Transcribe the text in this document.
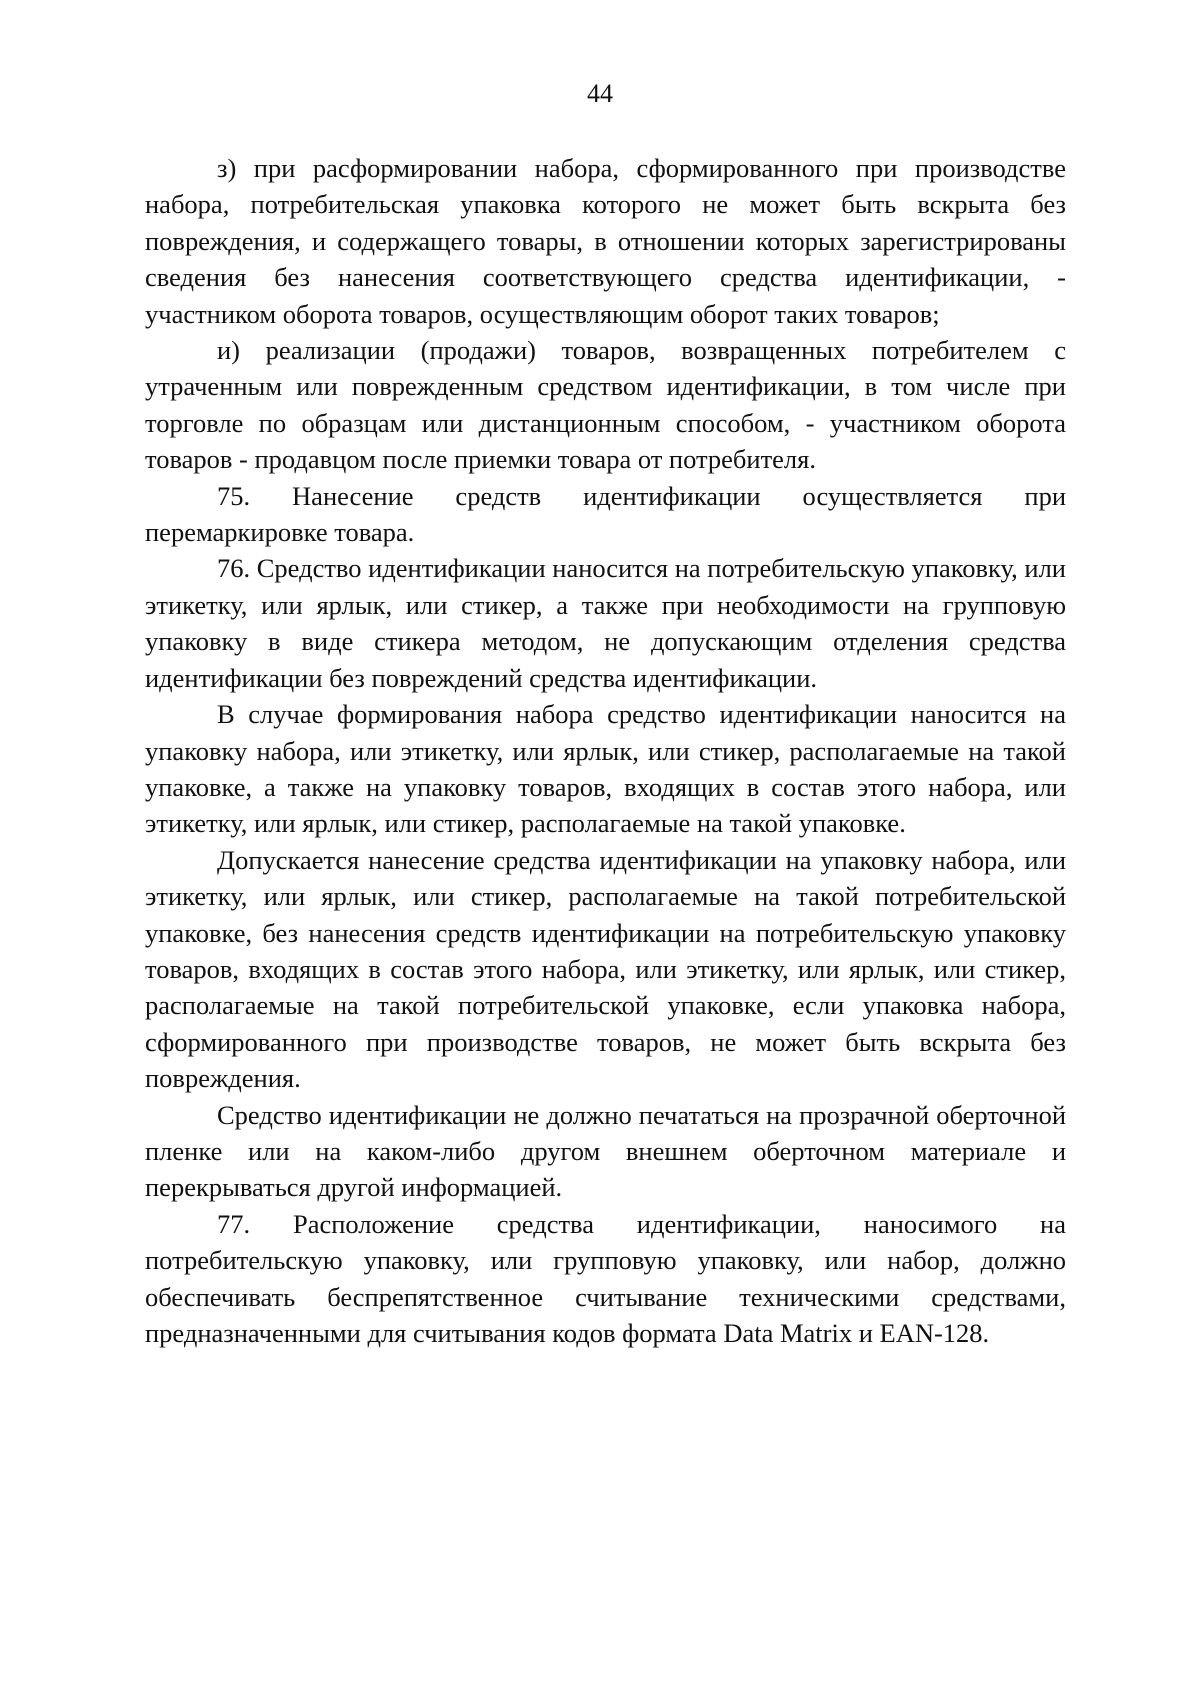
44

з) при расформировании набора, сформированного при производстве набора, потребительская упаковка которого не может быть вскрыта без повреждения, и содержащего товары, в отношении которых зарегистрированы сведения без нанесения соответствующего средства идентификации, - участником оборота товаров, осуществляющим оборот таких товаров;

и) реализации (продажи) товаров, возвращенных потребителем с утраченным или поврежденным средством идентификации, в том числе при торговле по образцам или дистанционным способом, - участником оборота товаров - продавцом после приемки товара от потребителя.

75. Нанесение средств идентификации осуществляется при перемаркировке товара.

76. Средство идентификации наносится на потребительскую упаковку, или этикетку, или ярлык, или стикер, а также при необходимости на групповую упаковку в виде стикера методом, не допускающим отделения средства идентификации без повреждений средства идентификации.

В случае формирования набора средство идентификации наносится на упаковку набора, или этикетку, или ярлык, или стикер, располагаемые на такой упаковке, а также на упаковку товаров, входящих в состав этого набора, или этикетку, или ярлык, или стикер, располагаемые на такой упаковке.

Допускается нанесение средства идентификации на упаковку набора, или этикетку, или ярлык, или стикер, располагаемые на такой потребительской упаковке, без нанесения средств идентификации на потребительскую упаковку товаров, входящих в состав этого набора, или этикетку, или ярлык, или стикер, располагаемые на такой потребительской упаковке, если упаковка набора, сформированного при производстве товаров, не может быть вскрыта без повреждения.

Средство идентификации не должно печататься на прозрачной оберточной пленке или на каком-либо другом внешнем оберточном материале и перекрываться другой информацией.

77. Расположение средства идентификации, наносимого на потребительскую упаковку, или групповую упаковку, или набор, должно обеспечивать беспрепятственное считывание техническими средствами, предназначенными для считывания кодов формата Data Matrix и EAN-128.
